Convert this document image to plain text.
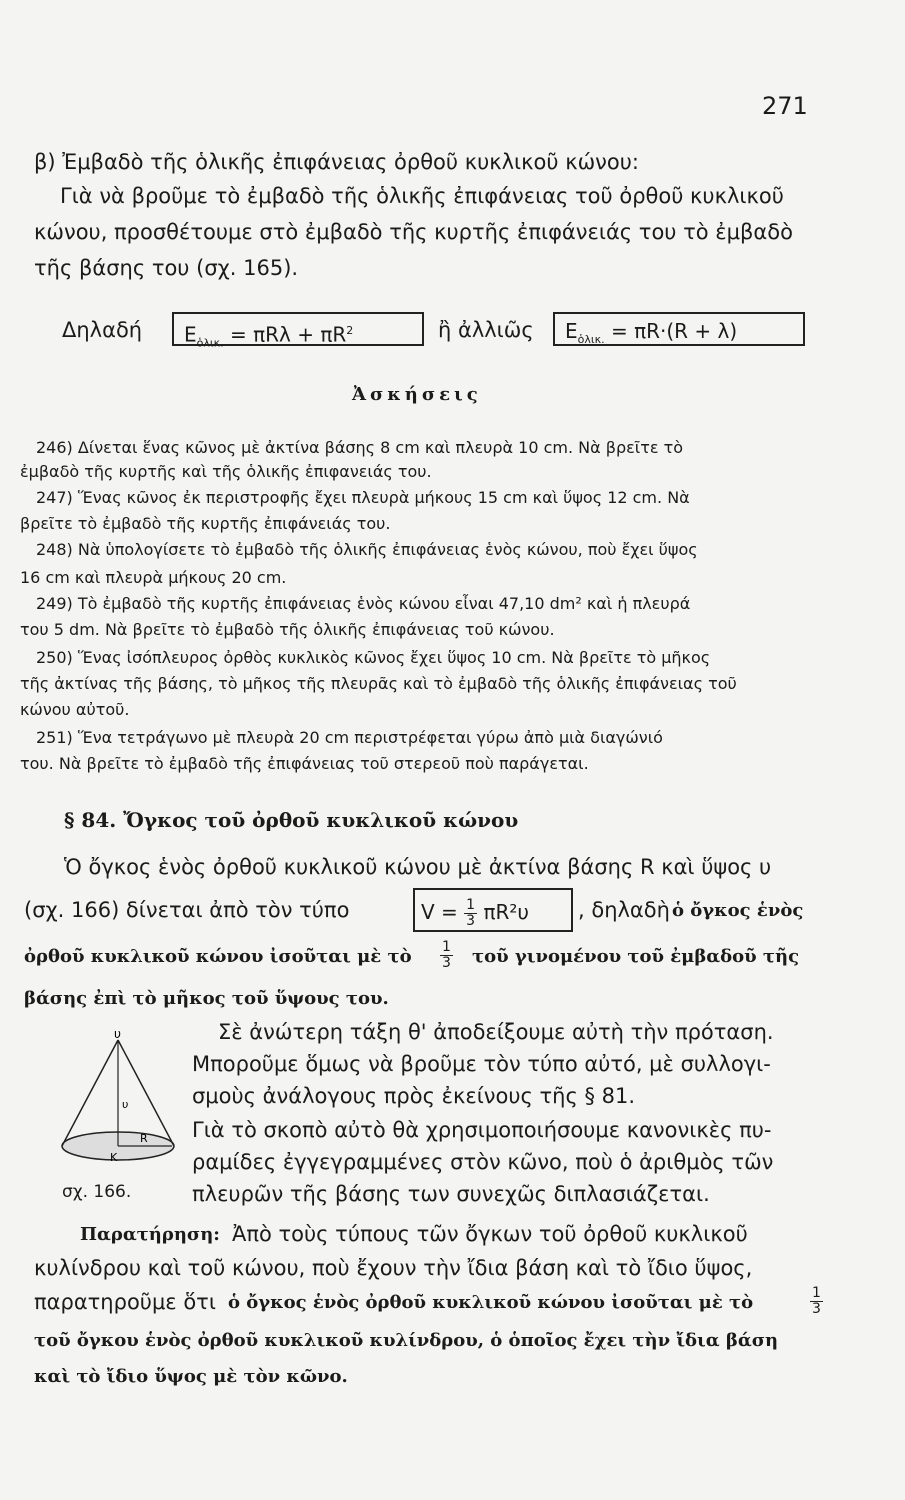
271
β) Ἐμβαδὸ τῆς ὁλικῆς ἐπιφάνειας ὀρθοῦ κυκλικοῦ κώνου:
Γιὰ νὰ βροῦμε τὸ ἐμβαδὸ τῆς ὁλικῆς ἐπιφάνειας τοῦ ὀρθοῦ κυκλικοῦ
κώνου, προσθέτουμε στὸ ἐμβαδὸ τῆς κυρτῆς ἐπιφάνειάς του τὸ ἐμβαδὸ
τῆς βάσης του (σχ. 165).
Δηλαδή	$E_{ὁ\lambda\iota\kappa.} = \pi R\lambda + \pi R^2$	ἢ ἀλλιῶς	$E_{ὁ\lambda\iota\kappa.} = \pi R\cdot(R + \lambda)$
Ἀσκήσεις
246) Δίνεται ἕνας κῶνος μὲ ἀκτίνα βάσης 8 cm καὶ πλευρὰ 10 cm. Νὰ βρεῖτε τὸ
ἐμβαδὸ τῆς κυρτῆς καὶ τῆς ὁλικῆς ἐπιφανειάς του.
247) Ἕνας κῶνος ἐκ περιστροφῆς ἔχει πλευρὰ μήκους 15 cm καὶ ὕψος 12 cm. Νὰ
βρεῖτε τὸ ἐμβαδὸ τῆς κυρτῆς ἐπιφάνειάς του.
248) Νὰ ὑπολογίσετε τὸ ἐμβαδὸ τῆς ὁλικῆς ἐπιφάνειας ἑνὸς κώνου, ποὺ ἔχει ὕψος
16 cm καὶ πλευρὰ μήκους 20 cm.
249) Τὸ ἐμβαδὸ τῆς κυρτῆς ἐπιφάνειας ἑνὸς κώνου εἶναι 47,10 dm² καὶ ἡ πλευρά
του 5 dm. Νὰ βρεῖτε τὸ ἐμβαδὸ τῆς ὁλικῆς ἐπιφάνειας τοῦ κώνου.
250) Ἕνας ἰσόπλευρος ὀρθὸς κυκλικὸς κῶνος ἔχει ὕψος 10 cm. Νὰ βρεῖτε τὸ μῆκος
τῆς ἀκτίνας τῆς βάσης, τὸ μῆκος τῆς πλευρᾶς καὶ τὸ ἐμβαδὸ τῆς ὁλικῆς ἐπιφάνειας τοῦ
κώνου αὐτοῦ.
251) Ἕνα τετράγωνο μὲ πλευρὰ 20 cm περιστρέφεται γύρω ἀπὸ μιὰ διαγώνιό
του. Νὰ βρεῖτε τὸ ἐμβαδὸ τῆς ἐπιφάνειας τοῦ στερεοῦ ποὺ παράγεται.
§ 84. Ὄγκος τοῦ ὀρθοῦ κυκλικοῦ κώνου
Ὁ ὄγκος ἑνὸς ὀρθοῦ κυκλικοῦ κώνου μὲ ἀκτίνα βάσης R καὶ ὕψος υ
(σχ. 166) δίνεται ἀπὸ τὸν τύπο	$V = \frac{1}{3} \pi R^2\upsilon$	, δηλαδὴ ὁ ὄγκος ἑνὸς
ὀρθοῦ κυκλικοῦ κώνου ἰσοῦται μὲ τὸ $\frac{1}{3}$ τοῦ γινομένου τοῦ ἐμβαδοῦ τῆς
βάσης ἐπὶ τὸ μῆκος τοῦ ὕψους του.
υ
υ
K
R
σχ. 166.
Σὲ ἀνώτερη τάξη θ' ἀποδείξουμε αὐτὴ τὴν πρόταση.
Μποροῦμε ὅμως νὰ βροῦμε τὸν τύπο αὐτό, μὲ συλλογι-
σμοὺς ἀνάλογους πρὸς ἐκείνους τῆς § 81.
Γιὰ τὸ σκοπὸ αὐτὸ θὰ χρησιμοποιήσουμε κανονικὲς πυ-
ραμίδες ἐγγεγραμμένες στὸν κῶνο, ποὺ ὁ ἀριθμὸς τῶν
πλευρῶν τῆς βάσης των συνεχῶς διπλασιάζεται.
Παρατήρηση: Ἀπὸ τοὺς τύπους τῶν ὄγκων τοῦ ὀρθοῦ κυκλικοῦ
κυλίνδρου καὶ τοῦ κώνου, ποὺ ἔχουν τὴν ἴδια βάση καὶ τὸ ἴδιο ὕψος,
παρατηροῦμε ὅτι ὁ ὄγκος ἑνὸς ὀρθοῦ κυκλικοῦ κώνου ἰσοῦται μὲ τὸ	$\frac{1}{3}$
τοῦ ὄγκου ἑνὸς ὀρθοῦ κυκλικοῦ κυλίνδρου, ὁ ὁποῖος ἔχει τὴν ἴδια βάση
καὶ τὸ ἴδιο ὕψος μὲ τὸν κῶνο.
